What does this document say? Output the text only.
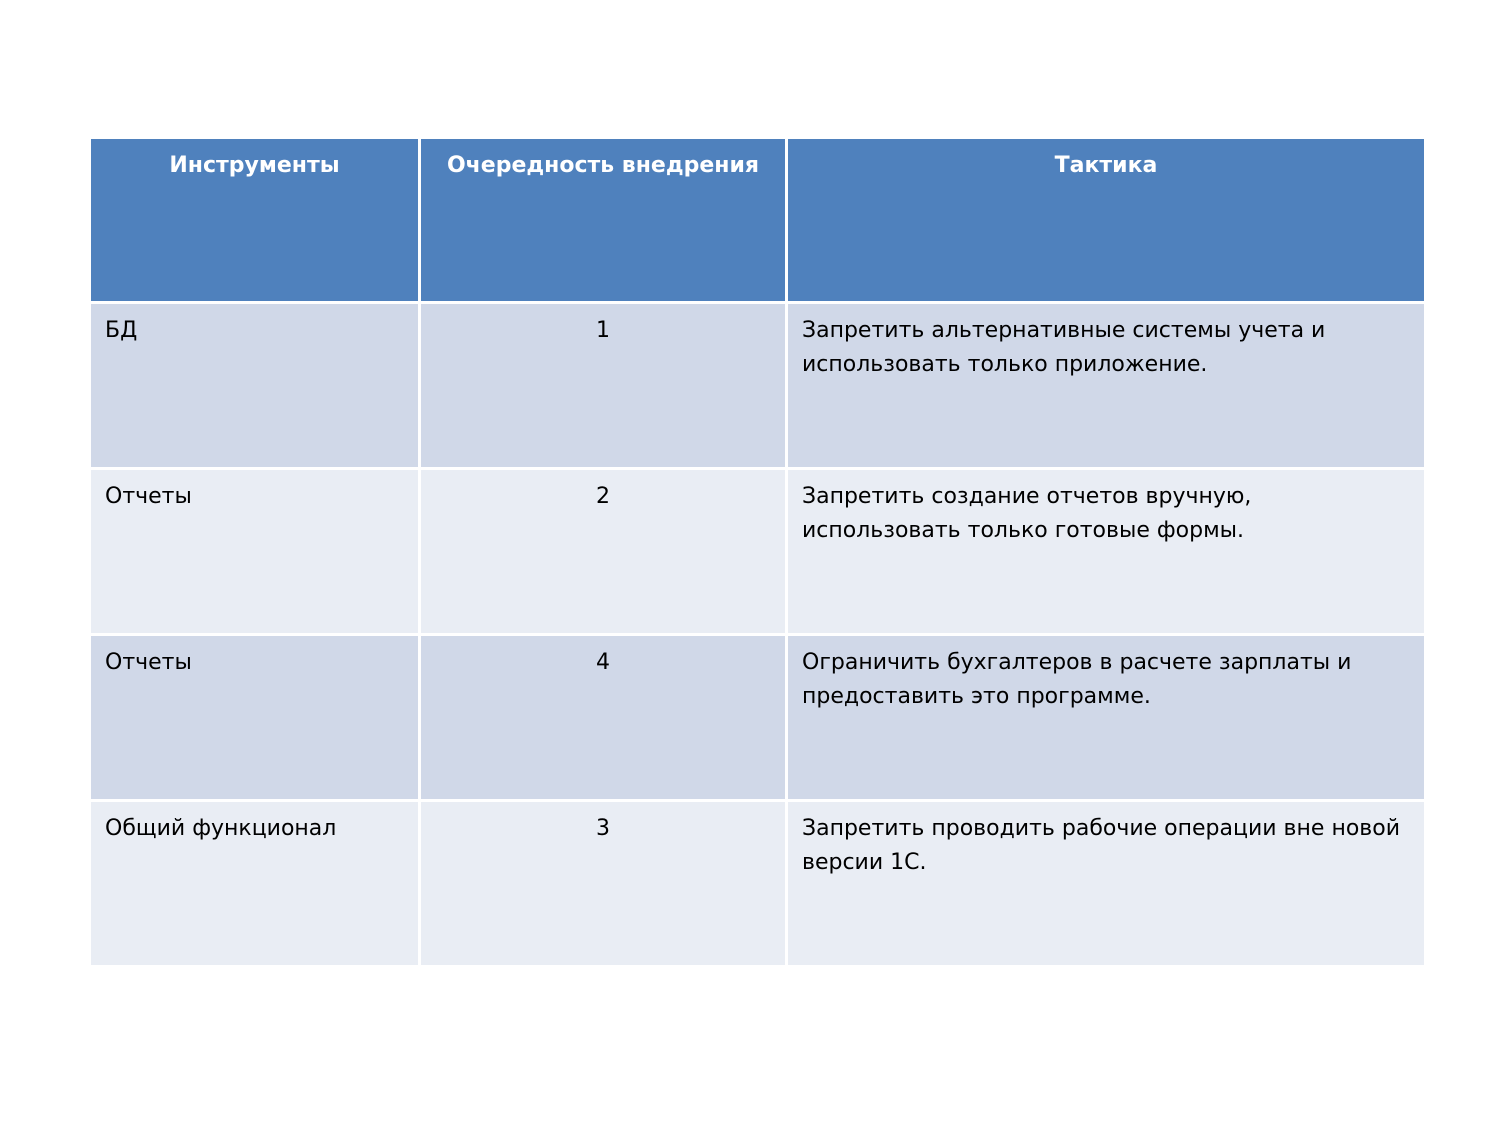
Инструменты	Очередность внедрения	Тактика
БД	1	Запретить альтернативные системы учета и использовать только приложение.
Отчеты	2	Запретить создание отчетов вручную, использовать только готовые формы.
Отчеты	4	Ограничить бухгалтеров в расчете зарплаты и предоставить это программе.
Общий функционал	3	Запретить проводить рабочие операции вне новой версии 1С.
